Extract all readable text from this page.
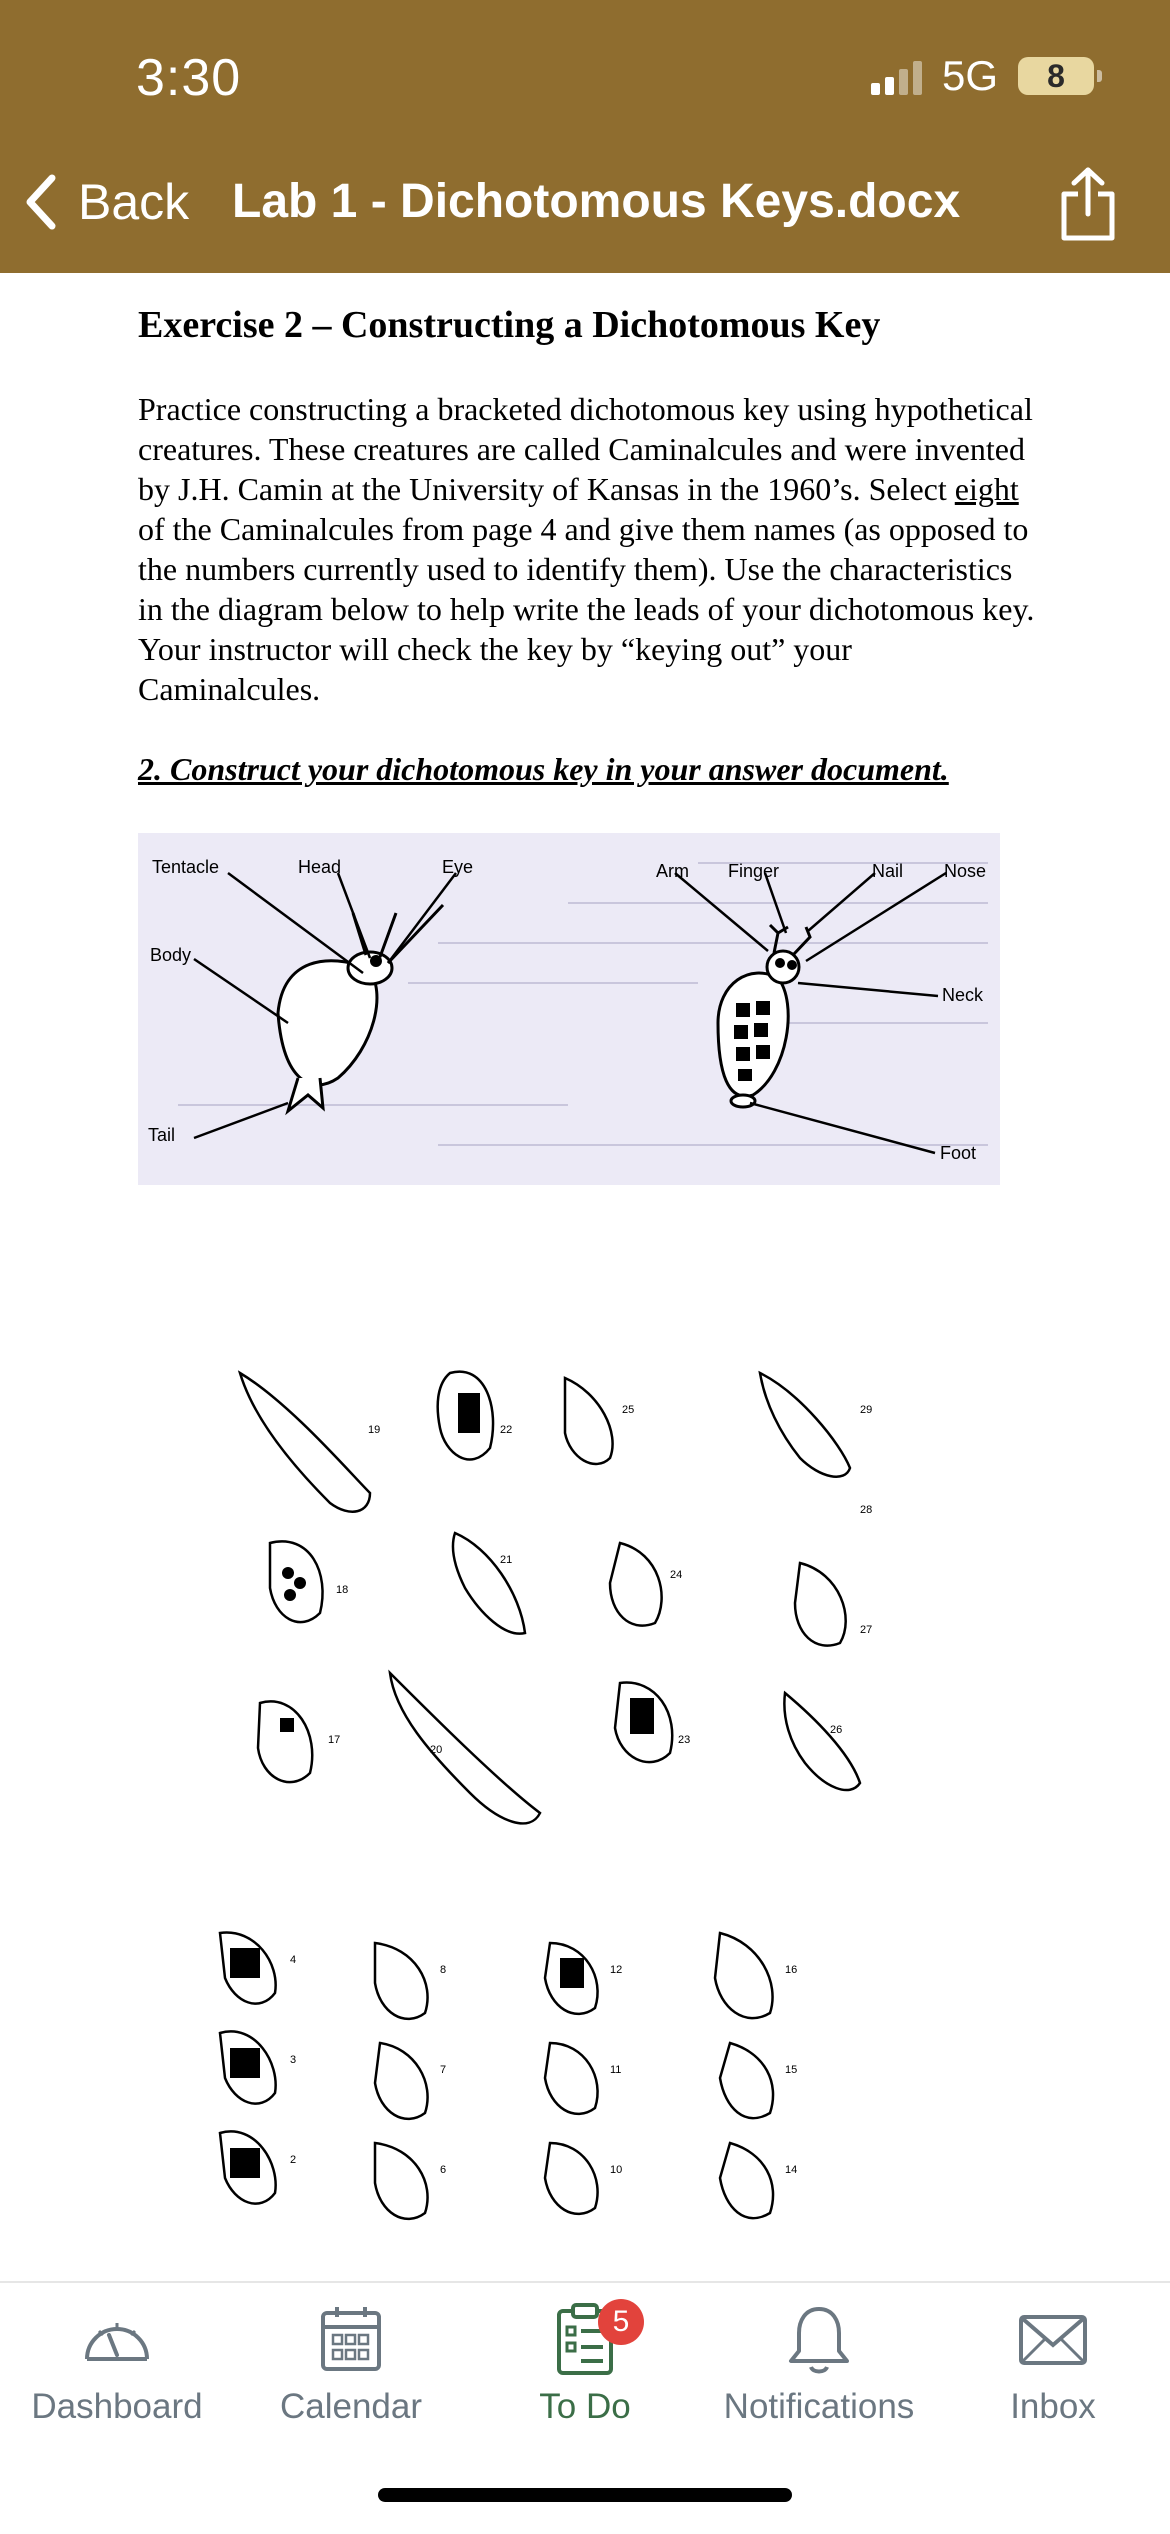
3:30	5G	8
Back Lab 1 - Dichotomous Keys.docx
Exercise 2 – Constructing a Dichotomous Key
Practice constructing a bracketed dichotomous key using hypothetical creatures. These creatures are called Caminalcules and were invented by J.H. Camin at the University of Kansas in the 1960’s. Select eight of the Caminalcules from page 4 and give them names (as opposed to the numbers currently used to identify them). Use the characteristics in the diagram below to help write the leads of your dichotomous key. Your instructor will check the key by “keying out” your Caminalcules.
2. Construct your dichotomous key in your answer document.
Tentacle	Head	Eye
Body
Tail
Arm Finger	Nail Nose
Neck
Foot
19	22
25	29
18
21
24
28
17
20
23
27
26
4
8	12	16
3
7	11	15
2
6	10	14
Dashboard	Calendar
5
To Do	Notifications	Inbox
